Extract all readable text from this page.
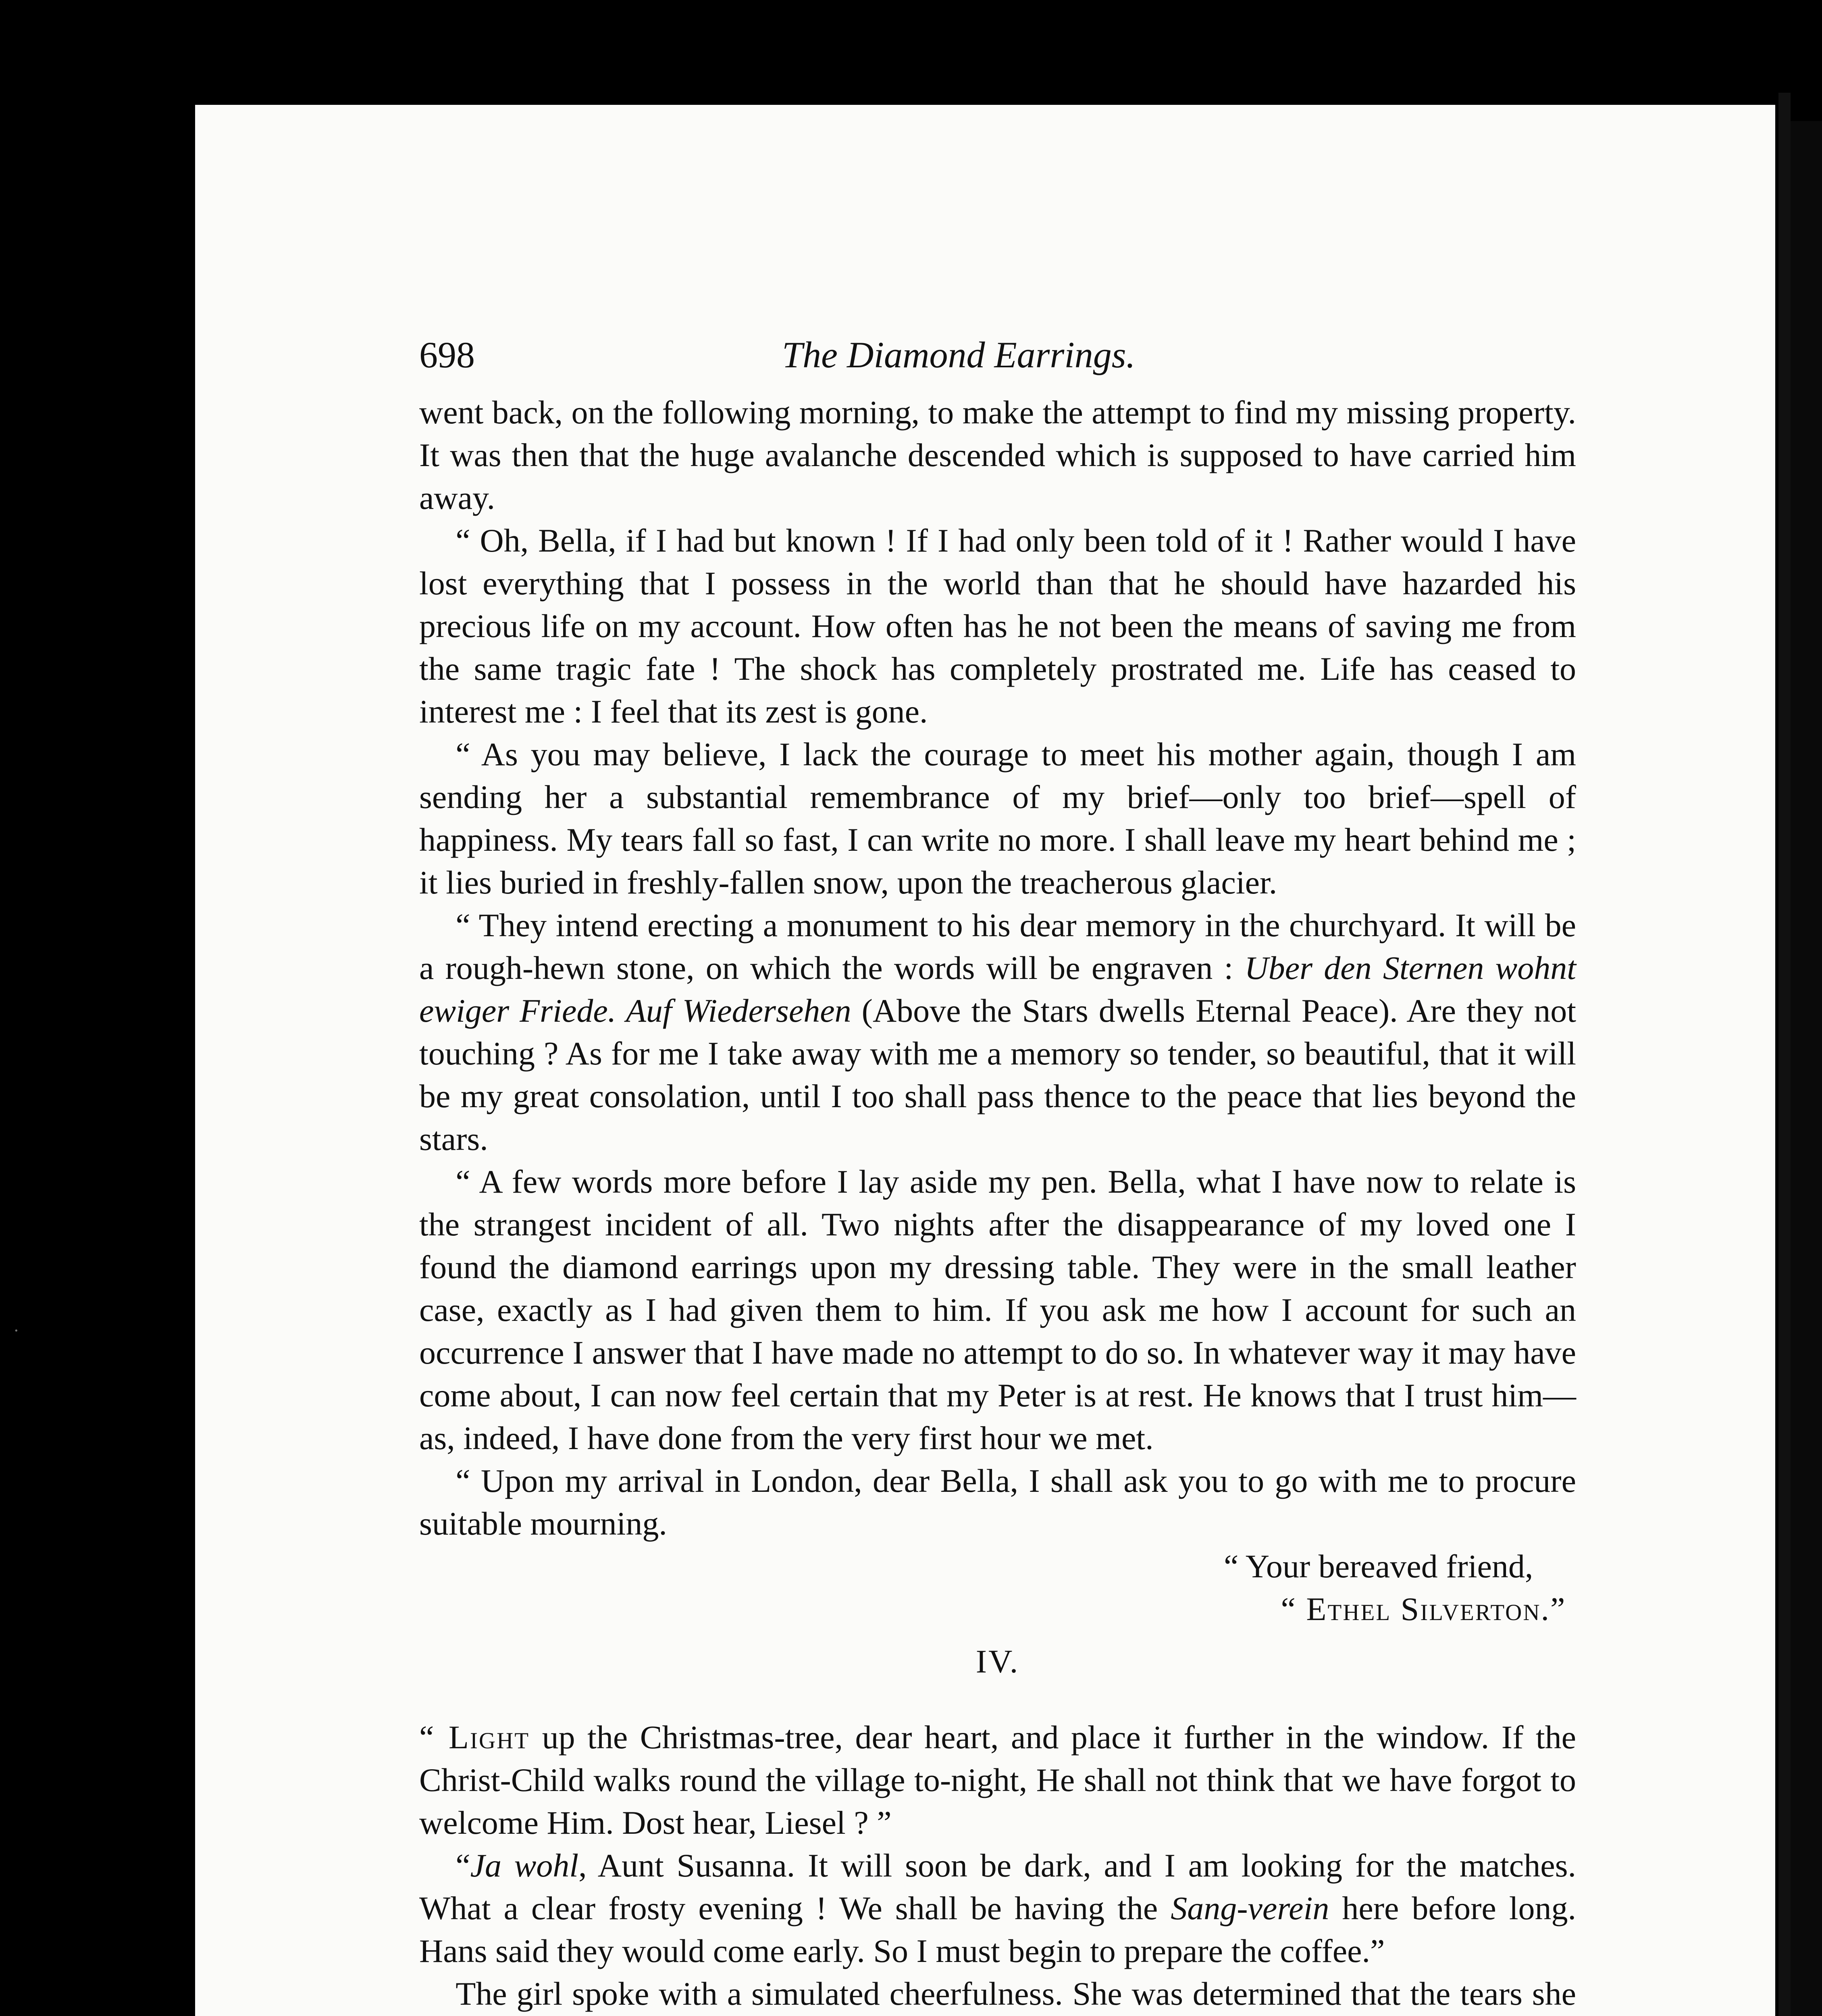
·
698	The Diamond Earrings.

went back, on the following morning, to make the attempt to find my missing property. It was then that the huge avalanche descended which is supposed to have carried him away.

“ Oh, Bella, if I had but known ! If I had only been told of it ! Rather would I have lost everything that I possess in the world than that he should have hazarded his precious life on my account. How often has he not been the means of saving me from the same tragic fate ! The shock has completely prostrated me. Life has ceased to interest me : I feel that its zest is gone.

“ As you may believe, I lack the courage to meet his mother again, though I am sending her a substantial remembrance of my brief—only too brief—spell of happiness. My tears fall so fast, I can write no more. I shall leave my heart behind me ; it lies buried in freshly-fallen snow, upon the treacherous glacier.

“ They intend erecting a monument to his dear memory in the churchyard. It will be a rough-hewn stone, on which the words will be engraven : Uber den Sternen wohnt ewiger Friede. Auf Wiedersehen (Above the Stars dwells Eternal Peace). Are they not touching ? As for me I take away with me a memory so tender, so beautiful, that it will be my great consolation, until I too shall pass thence to the peace that lies beyond the stars.

“ A few words more before I lay aside my pen. Bella, what I have now to relate is the strangest incident of all. Two nights after the disappearance of my loved one I found the diamond earrings upon my dressing table. They were in the small leather case, exactly as I had given them to him. If you ask me how I account for such an occurrence I answer that I have made no attempt to do so. In whatever way it may have come about, I can now feel certain that my Peter is at rest. He knows that I trust him—as, indeed, I have done from the very first hour we met.

“ Upon my arrival in London, dear Bella, I shall ask you to go with me to procure suitable mourning.

“ Your bereaved friend,

“ Ethel Silverton.”

IV.

“ Light up the Christmas-tree, dear heart, and place it further in the window. If the Christ-Child walks round the village to-night, He shall not think that we have forgot to welcome Him. Dost hear, Liesel ? ”

“Ja wohl, Aunt Susanna. It will soon be dark, and I am looking for the matches. What a clear frosty evening ! We shall be having the Sang-verein here before long. Hans said they would come early. So I must begin to prepare the coffee.”

The girl spoke with a simulated cheerfulness. She was determined that the tears she
